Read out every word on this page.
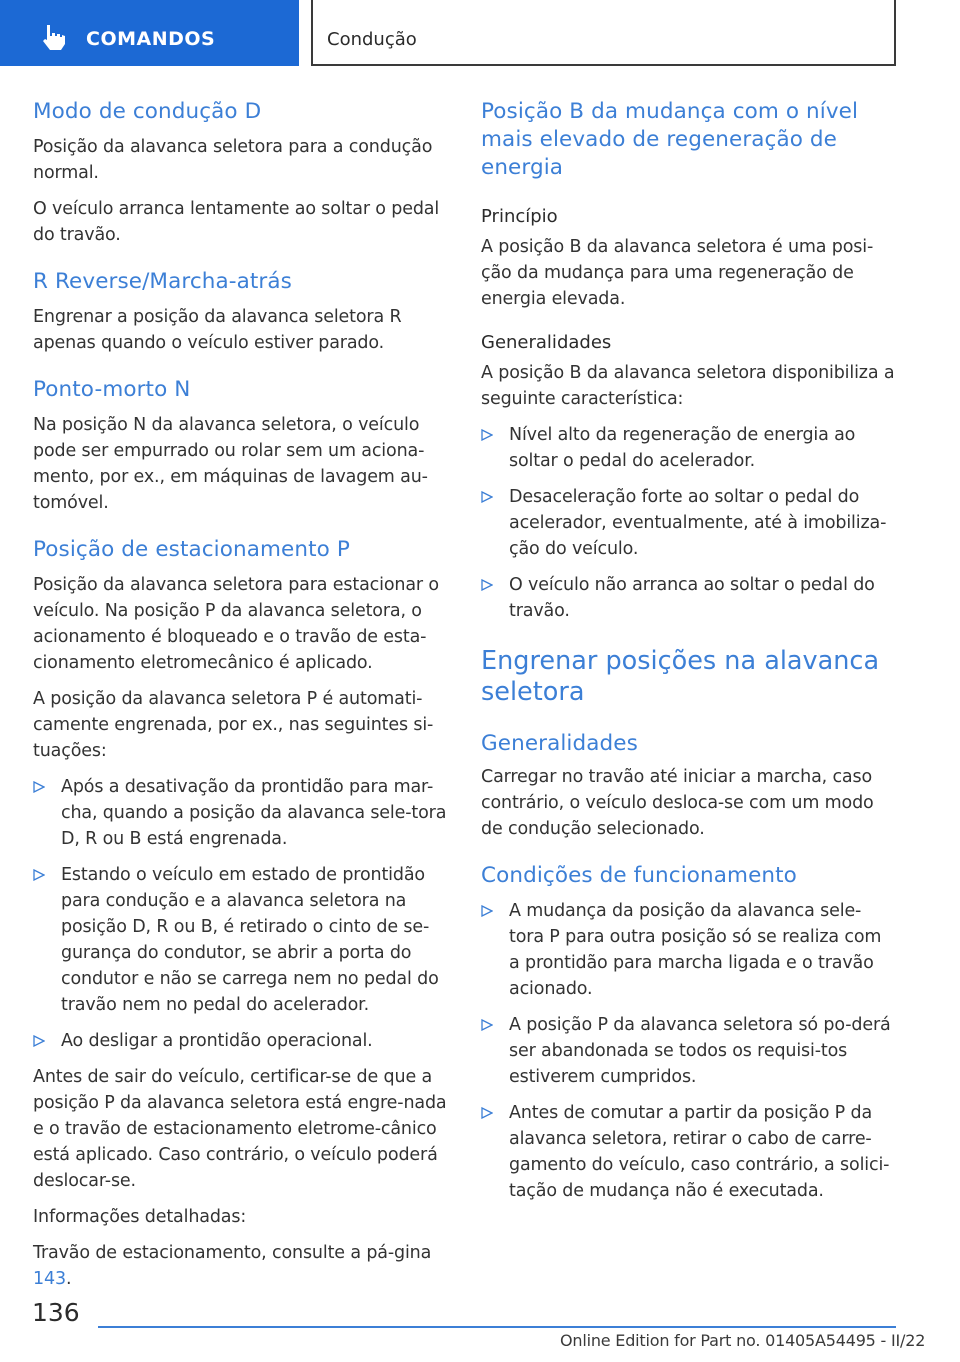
COMANDOS	Condução
Modo de condução D

Posição da alavanca seletora para a condução normal.

O veículo arranca lentamente ao soltar o pedal do travão.

R Reverse/Marcha-atrás

Engrenar a posição da alavanca seletora R apenas quando o veículo estiver parado.

Ponto-morto N

Na posição N da alavanca seletora, o veículo pode ser empurrado ou rolar sem um aciona-mento, por ex., em máquinas de lavagem au-tomóvel.

Posição de estacionamento P

Posição da alavanca seletora para estacionar o veículo. Na posição P da alavanca seletora, o acionamento é bloqueado e o travão de esta-cionamento eletromecânico é aplicado.

A posição da alavanca seletora P é automati-camente engrenada, por ex., nas seguintes si-tuações:

Após a desativação da prontidão para mar-cha, quando a posição da alavanca sele-tora D, R ou B está engrenada.
Estando o veículo em estado de prontidão para condução e a alavanca seletora na posição D, R ou B, é retirado o cinto de se-gurança do condutor, se abrir a porta do condutor e não se carrega nem no pedal do travão nem no pedal do acelerador.
Ao desligar a prontidão operacional.

Antes de sair do veículo, certificar-se de que a posição P da alavanca seletora está engre-nada e o travão de estacionamento eletrome-cânico está aplicado. Caso contrário, o veículo poderá deslocar-se.

Informações detalhadas:

Travão de estacionamento, consulte a pá-gina 143.

Posição B da mudança com o nível mais elevado de regeneração de energia
Princípio

A posição B da alavanca seletora é uma posi-ção da mudança para uma regeneração de energia elevada.

Generalidades

A posição B da alavanca seletora disponibiliza a seguinte característica:

Nível alto da regeneração de energia ao soltar o pedal do acelerador.
Desaceleração forte ao soltar o pedal do acelerador, eventualmente, até à imobiliza-ção do veículo.
O veículo não arranca ao soltar o pedal do travão.
Engrenar posições na alavanca seletora
Generalidades

Carregar no travão até iniciar a marcha, caso contrário, o veículo desloca-se com um modo de condução selecionado.

Condições de funcionamento
A mudança da posição da alavanca sele-tora P para outra posição só se realiza com a prontidão para marcha ligada e o travão acionado.
A posição P da alavanca seletora só po-derá ser abandonada se todos os requisi-tos estiverem cumpridos.
Antes de comutar a partir da posição P da alavanca seletora, retirar o cabo de carre-gamento do veículo, caso contrário, a solici-tação de mudança não é executada.
136
Online Edition for Part no. 01405A54495 - II/22
